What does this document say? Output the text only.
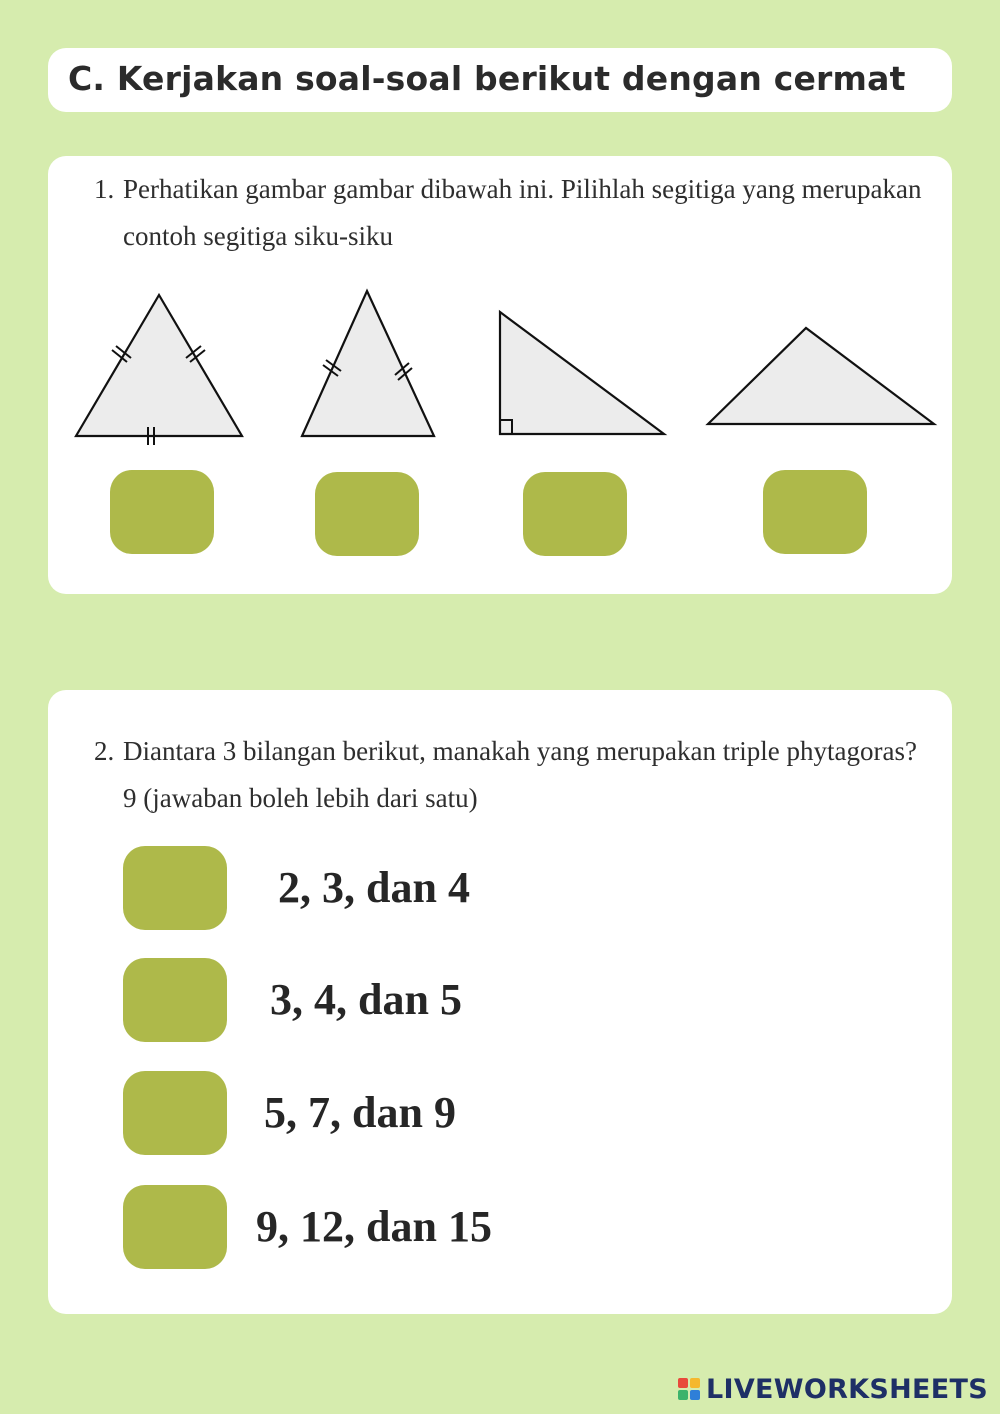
C. Kerjakan soal-soal berikut dengan cermat
1. Perhatikan gambar gambar dibawah ini. Pilihlah segitiga yang merupakan contoh segitiga siku-siku
2. Diantara 3 bilangan berikut, manakah yang merupakan triple phytagoras? 9 (jawaban boleh lebih dari satu)
2, 3, dan 4
3, 4, dan 5
5, 7, dan 9
9, 12, dan 15
LIVEWORKSHEETS
